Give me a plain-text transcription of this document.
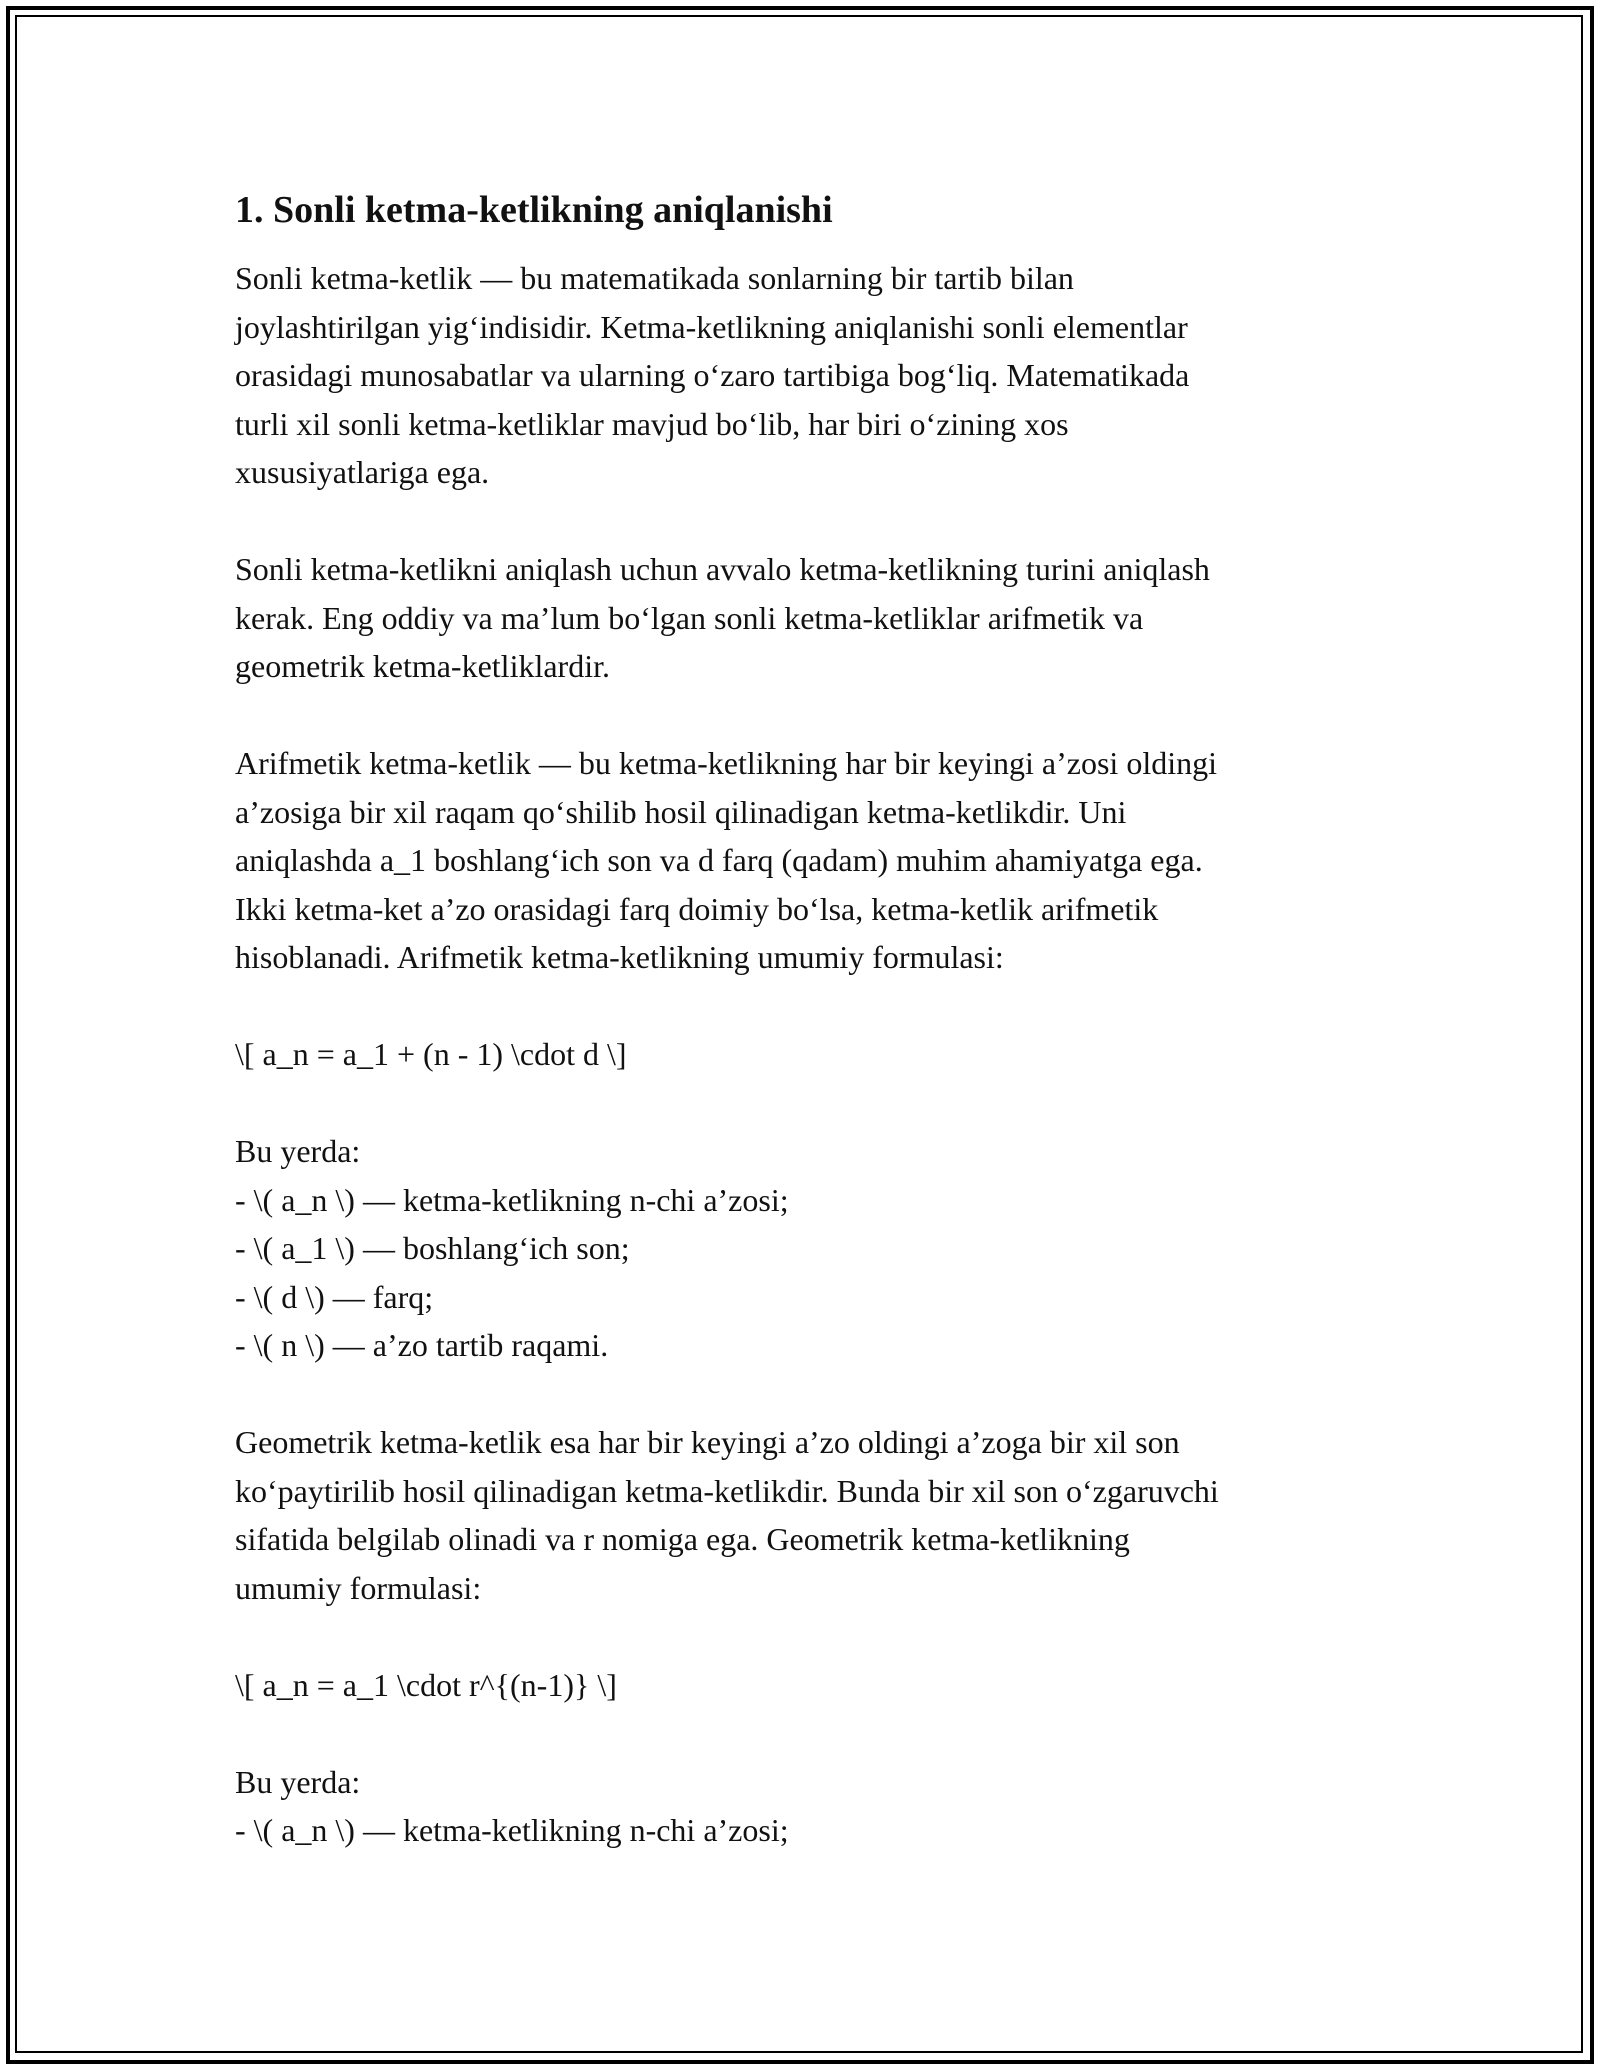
1. Sonli ketma-ketlikning aniqlanishi
Sonli ketma-ketlik — bu matematikada sonlarning bir tartib bilan
joylashtirilgan yig‘indisidir. Ketma-ketlikning aniqlanishi sonli elementlar
orasidagi munosabatlar va ularning o‘zaro tartibiga bog‘liq. Matematikada
turli xil sonli ketma-ketliklar mavjud bo‘lib, har biri o‘zining xos
xususiyatlariga ega.
Sonli ketma-ketlikni aniqlash uchun avvalo ketma-ketlikning turini aniqlash
kerak. Eng oddiy va ma’lum bo‘lgan sonli ketma-ketliklar arifmetik va
geometrik ketma-ketliklardir.
Arifmetik ketma-ketlik — bu ketma-ketlikning har bir keyingi a’zosi oldingi
a’zosiga bir xil raqam qo‘shilib hosil qilinadigan ketma-ketlikdir. Uni
aniqlashda a_1 boshlang‘ich son va d farq (qadam) muhim ahamiyatga ega.
Ikki ketma-ket a’zo orasidagi farq doimiy bo‘lsa, ketma-ketlik arifmetik
hisoblanadi. Arifmetik ketma-ketlikning umumiy formulasi:
\[ a_n = a_1 + (n - 1) \cdot d \]
Bu yerda:
- \( a_n \) — ketma-ketlikning n-chi a’zosi;
- \( a_1 \) — boshlang‘ich son;
- \( d \) — farq;
- \( n \) — a’zo tartib raqami.
Geometrik ketma-ketlik esa har bir keyingi a’zo oldingi a’zoga bir xil son
ko‘paytirilib hosil qilinadigan ketma-ketlikdir. Bunda bir xil son o‘zgaruvchi
sifatida belgilab olinadi va r nomiga ega. Geometrik ketma-ketlikning
umumiy formulasi:
\[ a_n = a_1 \cdot r^{(n-1)} \]
Bu yerda:
- \( a_n \) — ketma-ketlikning n-chi a’zosi;
